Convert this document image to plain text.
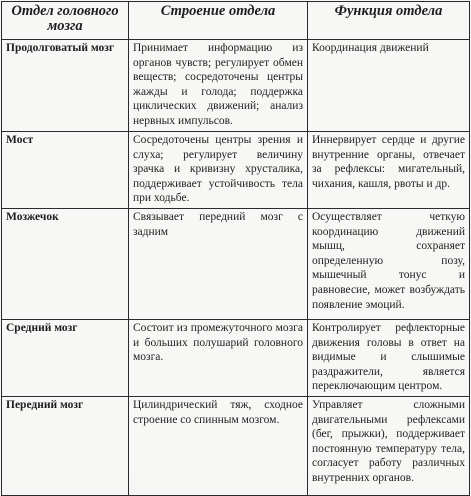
Отдел головного мозга	Строение отдела	Функция отдела
Продолговатый мозг	Принимает информацию из органов чувств; регулирует обмен веществ; сосредоточены центры жажды и голода; поддержка циклических движений; анализ нервных импульсов.	Координация движений
Мост	Сосредоточены центры зрения и слуха; регулирует величину зрачка и кривизну хрусталика, поддерживает устойчивость тела при ходьбе.	Иннервирует сердце и другие внутренние органы, отвечает за рефлексы: мигательный, чихания, кашля, рвоты и др.
Мозжечок	Связывает передний мозг с задним	Осуществляет четкую координацию движений мышц, сохраняет определенную позу, мышечный тонус и равновесие, может возбуждать появление эмоций.
Средний мозг	Состоит из промежуточного мозга и больших полушарий головного мозга.	Контролирует рефлекторные движения головы в ответ на видимые и слышимые раздражители, является переключающим центром.
Передний мозг	Цилиндрический тяж, сходное строение со спинным мозгом.	Управляет сложными двигательными рефлексами (бег, прыжки), поддерживает постоянную температуру тела, согласует работу различных внутренних органов.
